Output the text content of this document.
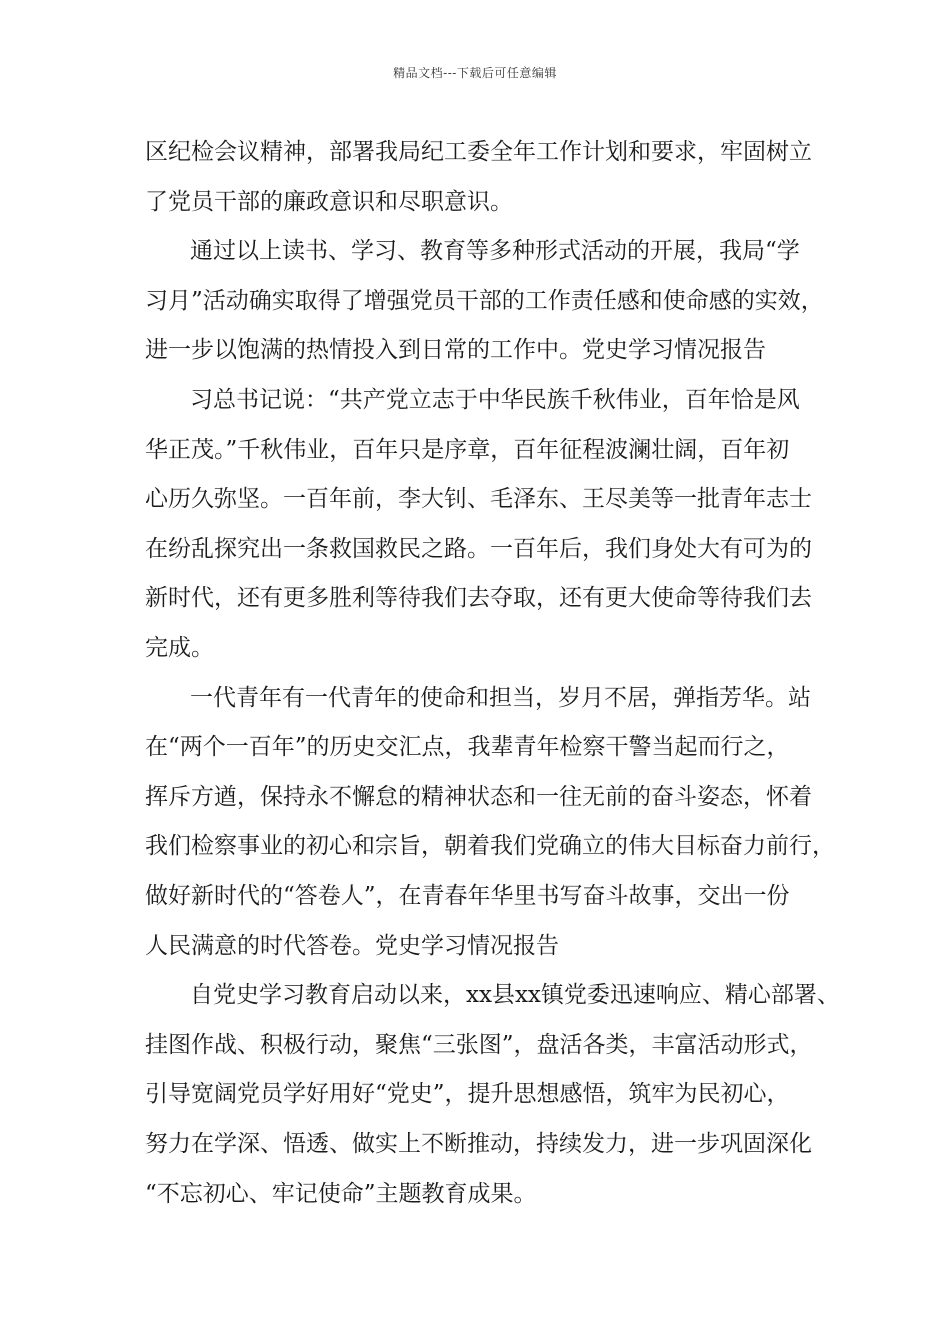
精品文档---下载后可任意编辑
区纪检会议精神，部署我局纪工委全年工作计划和要求，牢固树立
了党员干部的廉政意识和尽职意识。
通过以上读书、学习、教育等多种形式活动的开展，我局“学
习月”活动确实取得了增强党员干部的工作责任感和使命感的实效，
进一步以饱满的热情投入到日常的工作中。党史学习情况报告
习总书记说：“共产党立志于中华民族千秋伟业，百年恰是风
华正茂。”千秋伟业，百年只是序章，百年征程波澜壮阔，百年初
心历久弥坚。一百年前，李大钊、毛泽东、王尽美等一批青年志士
在纷乱探究出一条救国救民之路。一百年后，我们身处大有可为的
新时代，还有更多胜利等待我们去夺取，还有更大使命等待我们去
完成。
一代青年有一代青年的使命和担当，岁月不居，弹指芳华。站
在“两个一百年”的历史交汇点，我辈青年检察干警当起而行之，
挥斥方遒，保持永不懈怠的精神状态和一往无前的奋斗姿态，怀着
我们检察事业的初心和宗旨，朝着我们党确立的伟大目标奋力前行，
做好新时代的“答卷人”，在青春年华里书写奋斗故事，交出一份
人民满意的时代答卷。党史学习情况报告
自党史学习教育启动以来，xx县xx镇党委迅速响应、精心部署、
挂图作战、积极行动，聚焦“三张图”，盘活各类，丰富活动形式，
引导宽阔党员学好用好“党史”，提升思想感悟，筑牢为民初心，
努力在学深、悟透、做实上不断推动，持续发力，进一步巩固深化
“不忘初心、牢记使命”主题教育成果。
